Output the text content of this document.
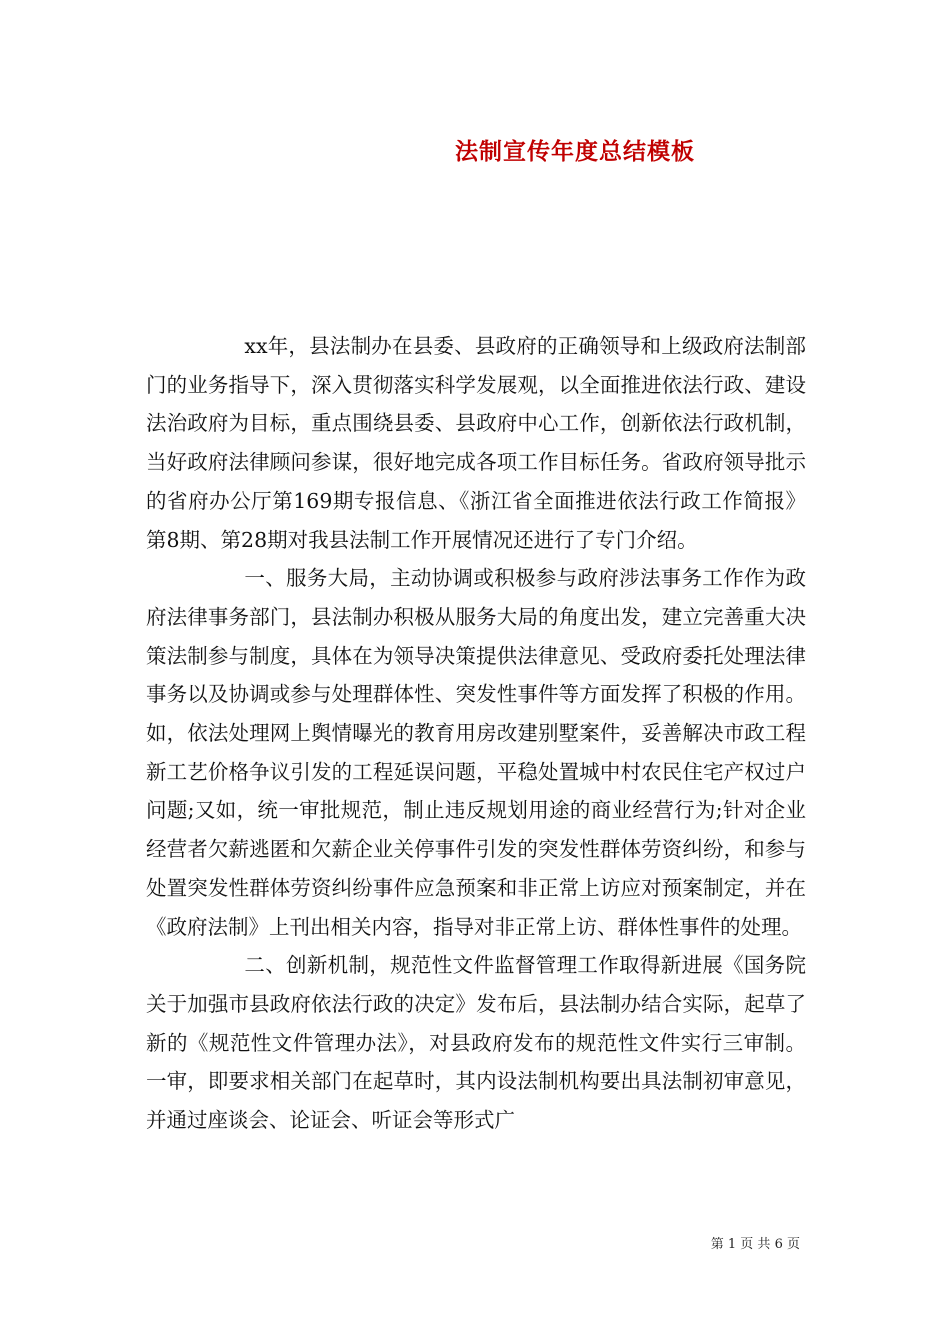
法制宣传年度总结模板

xx年，县法制办在县委、县政府的正确领导和上级政府法制部门的业务指导下，深入贯彻落实科学发展观，以全面推进依法行政、建设法治政府为目标，重点围绕县委、县政府中心工作，创新依法行政机制，当好政府法律顾问参谋，很好地完成各项工作目标任务。省政府领导批示的省府办公厅第169期专报信息、《浙江省全面推进依法行政工作简报》第8期、第28期对我县法制工作开展情况还进行了专门介绍。

一、服务大局，主动协调或积极参与政府涉法事务工作作为政府法律事务部门，县法制办积极从服务大局的角度出发，建立完善重大决策法制参与制度，具体在为领导决策提供法律意见、受政府委托处理法律事务以及协调或参与处理群体性、突发性事件等方面发挥了积极的作用。如，依法处理网上舆情曝光的教育用房改建别墅案件，妥善解决市政工程新工艺价格争议引发的工程延误问题，平稳处置城中村农民住宅产权过户问题;又如，统一审批规范，制止违反规划用途的商业经营行为;针对企业经营者欠薪逃匿和欠薪企业关停事件引发的突发性群体劳资纠纷，和参与处置突发性群体劳资纠纷事件应急预案和非正常上访应对预案制定，并在《政府法制》上刊出相关内容，指导对非正常上访、群体性事件的处理。

二、创新机制，规范性文件监督管理工作取得新进展《国务院关于加强市县政府依法行政的决定》发布后，县法制办结合实际，起草了新的《规范性文件管理办法》，对县政府发布的规范性文件实行三审制。一审，即要求相关部门在起草时，其内设法制机构要出具法制初审意见，并通过座谈会、论证会、听证会等形式广

第 1 页 共 6 页
